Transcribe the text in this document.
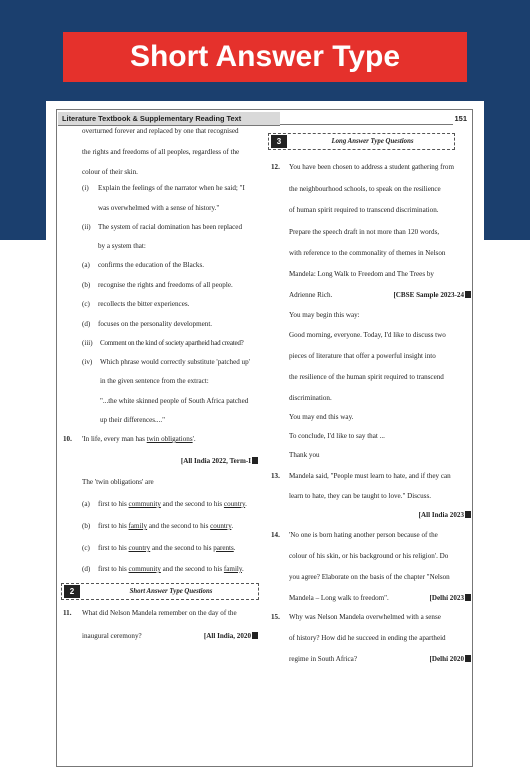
Short Answer Type
Literature Textbook & Supplementary Reading Text	151
overturned forever and replaced by one that recognised
the rights and freedoms of all peoples, regardless of the
colour of their skin.
(i) Explain the feelings of the narrator when he said; "I
was overwhelmed with a sense of history."
(ii) The system of racial domination has been replaced
by a system that:
(a) confirms the education of the Blacks.
(b) recognise the rights and freedoms of all people.
(c) recollects the bitter experiences.
(d) focuses on the personality development.
(iii) Comment on the kind of society apartheid had created?
(iv) Which phrase would correctly substitute 'patched up'
in the given sentence from the extract:
"...the white skinned people of South Africa patched
up their differences...."
10. 'In life, every man has twin obligations'.
[All India 2022, Term-I
The 'twin obligations' are
(a) first to his community and the second to his country.
(b) first to his family and the second to his country.
(c) first to his country and the second to his parents.
(d) first to his community and the second to his family.
2	Short Answer Type Questions
11. What did Nelson Mandela remember on the day of the
inaugural ceremony?	[All India, 2020
3	Long Answer Type Questions
12. You have been chosen to address a student gathering from
the neighbourhood schools, to speak on the resilience
of human spirit required to transcend discrimination.
Prepare the speech draft in not more than 120 words,
with reference to the commonality of themes in Nelson
Mandela: Long Walk to Freedom and The Trees by
Adrienne Rich.	[CBSE Sample 2023-24
You may begin this way:
Good morning, everyone. Today, I'd like to discuss two
pieces of literature that offer a powerful insight into
the resilience of the human spirit required to transcend
discrimination.
You may end this way.
To conclude, I'd like to say that ...
Thank you
13. Mandela said, "People must learn to hate, and if they can
learn to hate, they can be taught to love." Discuss.
[All India 2023
14. 'No one is born hating another person because of the
colour of his skin, or his background or his religion'. Do
you agree? Elaborate on the basis of the chapter "Nelson
Mandela – Long walk to freedom".	[Delhi 2023
15. Why was Nelson Mandela overwhelmed with a sense
of history? How did he succeed in ending the apartheid
regime in South Africa?	[Delhi 2020
